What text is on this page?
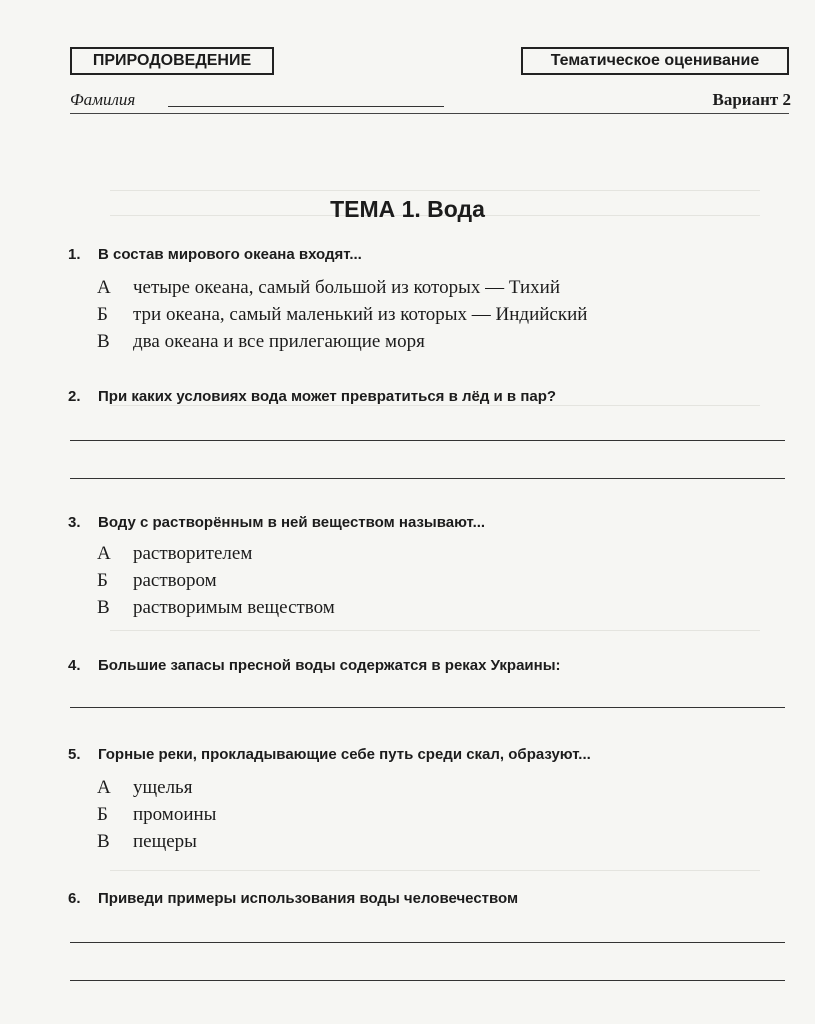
ПРИРОДОВЕДЕНИЕ	Тематическое оценивание
Фамилия	Вариант 2
ТЕМА 1. Вода
1. В состав мирового океана входят...
А четыре океана, самый большой из которых — Тихий
Б три океана, самый маленький из которых — Индийский
В два океана и все прилегающие моря
2. При каких условиях вода может превратиться в лёд и в пар?
3. Воду с растворённым в ней веществом называют...
А растворителем
Б раствором
В растворимым веществом
4. Большие запасы пресной воды содержатся в реках Украины:
5. Горные реки, прокладывающие себе путь среди скал, образуют...
А ущелья
Б промоины
В пещеры
6. Приведи примеры использования воды человечеством
